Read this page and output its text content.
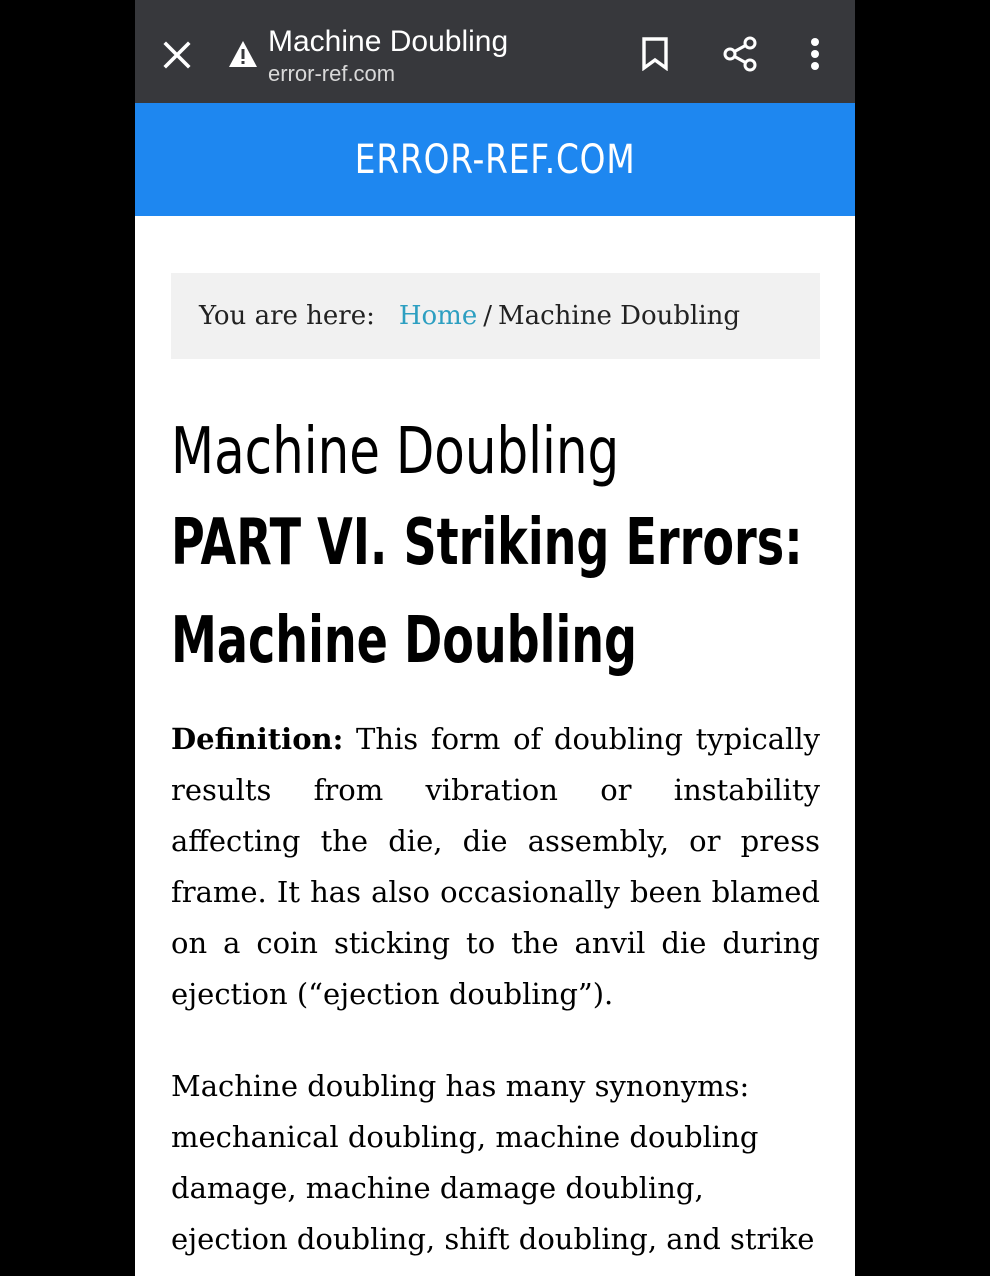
Machine Doubling
error-ref.com
ERROR-REF.COM
You are here: Home / Machine Doubling
Machine Doubling
PART VI. Striking Errors:
Machine Doubling

Definition: This form of doubling typically results from vibration or instability affecting the die, die assembly, or press frame. It has also occasionally been blamed on a coin sticking to the anvil die during ejection (“ejection doubling”).

Machine doubling has many synonyms: mechanical doubling, machine doubling damage, machine damage doubling, ejection doubling, shift doubling, and strike
